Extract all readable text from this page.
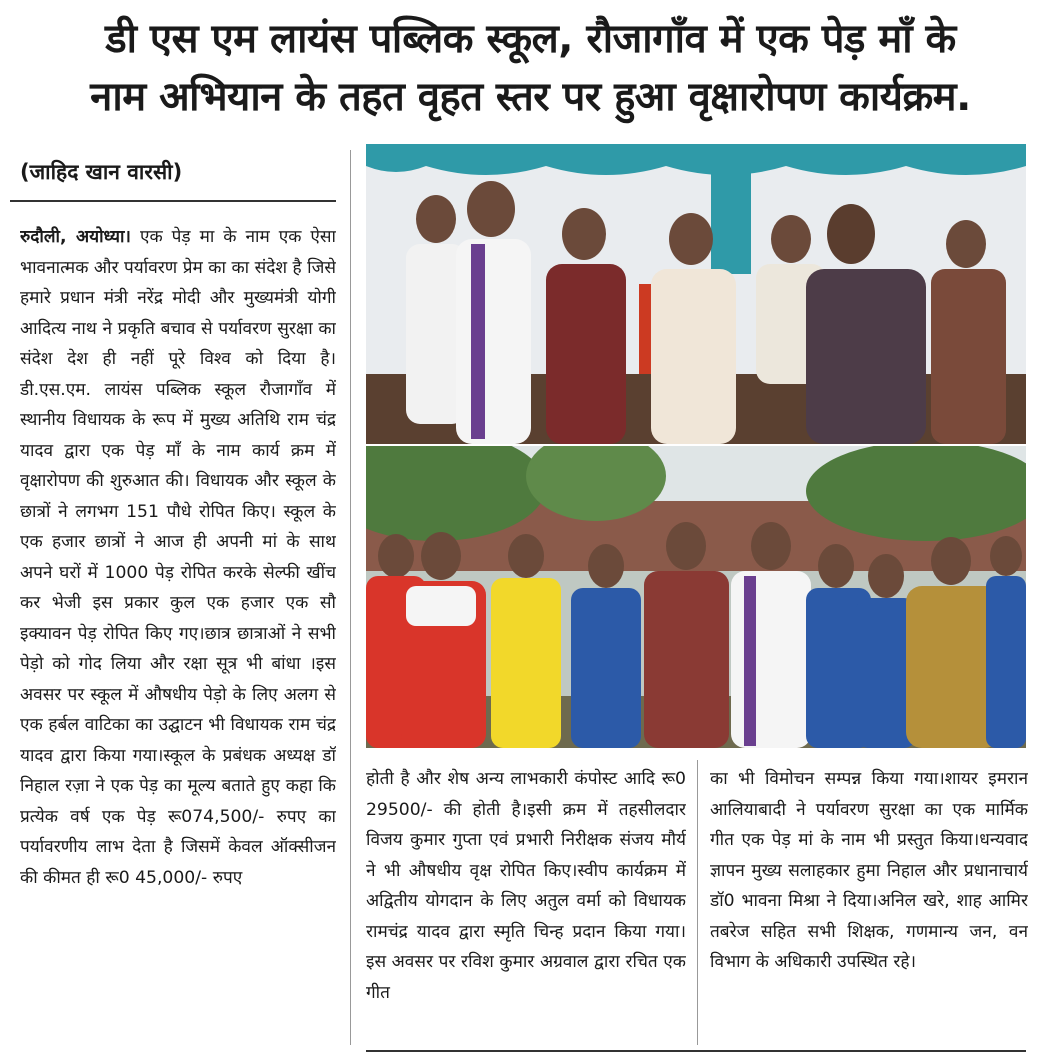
डी एस एम लायंस पब्लिक स्कूल, रौजागाँव में एक पेड़ माँ के
नाम अभियान के तहत वृहत स्तर पर हुआ वृक्षारोपण कार्यक्रम.
(जाहिद खान वारसी)
रुदौली, अयोध्या। एक पेड़ मा के नाम एक ऐसा भावनात्मक और पर्यावरण प्रेम का का संदेश है जिसे हमारे प्रधान मंत्री नरेंद्र मोदी और मुख्यमंत्री योगी आदित्य नाथ ने प्रकृति बचाव से पर्यावरण सुरक्षा का संदेश देश ही नहीं पूरे विश्व को दिया है। डी.एस.एम. लायंस पब्लिक स्कूल रौजागाँव में स्थानीय विधायक के रूप में मुख्य अतिथि राम चंद्र यादव द्वारा एक पेड़ माँ के नाम कार्य क्रम में वृक्षारोपण की शुरुआत की। विधायक और स्कूल के छात्रों ने लगभग 151 पौधे रोपित किए। स्कूल के एक हजार छात्रों ने आज ही अपनी मां के साथ अपने घरों में 1000 पेड़ रोपित करके सेल्फी खींच कर भेजी इस प्रकार कुल एक हजार एक सौ इक्यावन पेड़ रोपित किए गए।छात्र छात्राओं ने सभी पेड़ो को गोद लिया और रक्षा सूत्र भी बांधा ।इस अवसर पर स्कूल में औषधीय पेड़ो के लिए अलग से एक हर्बल वाटिका का उद्घाटन भी विधायक राम चंद्र यादव द्वारा किया गया।स्कूल के प्रबंधक अध्यक्ष डॉ निहाल रज़ा ने एक पेड़ का मूल्य बताते हुए कहा कि प्रत्येक वर्ष एक पेड़ रू074,500/- रुपए का पर्यावरणीय लाभ देता है जिसमें केवल ऑक्सीजन की कीमत ही रू0 45,000/- रुपए
होती है और शेष अन्य लाभकारी कंपोस्ट आदि रू0 29500/- की होती है।इसी क्रम में तहसीलदार विजय कुमार गुप्ता एवं प्रभारी निरीक्षक संजय मौर्य ने भी औषधीय वृक्ष रोपित किए।स्वीप कार्यक्रम में अद्वितीय योगदान के लिए अतुल वर्मा को विधायक रामचंद्र यादव द्वारा स्मृति चिन्ह प्रदान किया गया। इस अवसर पर रविश कुमार अग्रवाल द्वारा रचित एक गीत
का भी विमोचन सम्पन्न किया गया।शायर इमरान आलियाबादी ने पर्यावरण सुरक्षा का एक मार्मिक गीत एक पेड़ मां के नाम भी प्रस्तुत किया।धन्यवाद ज्ञापन मुख्य सलाहकार हुमा निहाल और प्रधानाचार्य डॉ0 भावना मिश्रा ने दिया।अनिल खरे, शाह आमिर तबरेज सहित सभी शिक्षक, गणमान्य जन, वन विभाग के अधिकारी उपस्थित रहे।
